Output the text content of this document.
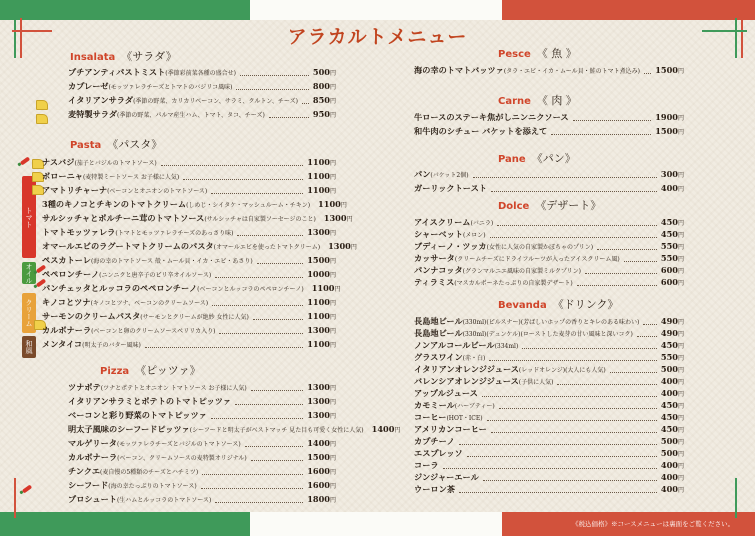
アラカルトメニュー
トマト
オイル
クリーム
和風
Insalata 《サラダ》
プチアンティパストミスト(季節彩前菜各種の盛合せ)	500円
カプレーゼ(モッツァレラチーズとトマトのバジリコ風味)	800円
イタリアンサラダ(季節の野菜、カリカリベーコン、サラミ、クルトン、チーズ) 850円
麦特製サラダ(季節の野菜、パルマ産生ハム、トマト、タコ、チーズ)	950円
Pasta 《パスタ》
ナスバジ(茄子とバジルのトマトソース)	1100円
ボローニャ(麦特製ミートソース お子様に人気)	1100円
アマトリチャーナ(ベーコンとオニオンのトマトソース)	1100円
3種のキノコとチキンのトマトクリーム(しめじ・シイタケ・マッシュルーム・チキン) 1100円
サルシッチャとポルチーニ茸のトマトソース(サルシッチャは自家製ソーセージのこと) 1300円
トマトモッツァレラ(トマトとモッツァレラチーズのあっさり味)	1300円
オマールエビのラグートマトクリームのパスタ(オマールエビを使ったトマトクリーム) 1300円
ペスカトーレ(海の幸のトマトソース 殻・ムール貝・イカ・エビ・あさり)	1500円
ペペロンチーノ(ニンニクと唐辛子のピリ辛オイルソース)	1000円
パンチェッタとルッコラのペペロンチーノ(ベーコンとルッコラのペペロンチーノ) 1100円
キノコとツナ(キノコとツナ、ベーコンのクリームソース)	1100円
サーモンのクリームパスタ(サーモンとクリームが絶妙 女性に人気)	1100円
カルボナーラ(ベーコンと卵のクリームソースペリリカ入り)	1300円
メンタイコ(明太子のバター風味)	1100円
Pizza 《ピッツァ》
ツナポテ(ツナとポテトとオニオン トマトソース お子様に人気)	1300円
イタリアンサラミとポテトのトマトピッツァ	1300円
ベーコンと彩り野菜のトマトピッツァ	1300円
明太子風味のシーフードピッツァ(シーフードと明太子がベストマッチ 見た目も可愛く女性に人気) 1400円
マルゲリータ(モッツァレラチーズとバジルのトマトソース)	1400円
カルボナーラ(ベーコン、クリームソースの麦特製オリジナル)	1500円
チンクエ(麦自慢の5種類のチーズとハチミツ)	1600円
シーフード(海の幸たっぷりのトマトソース)	1600円
プロシュート(生ハムとルッコラのトマトソース)	1800円
Pesce 《 魚 》
海の幸のトマトバッツァ(タラ・エビ・イカ・ムール貝・鮭のトマト煮込み) 1500円
Carne 《 肉 》
牛ロースのステーキ焦がしニンニクソース	1900円
和牛肉のシチュー バケットを添えて	1500円
Pane 《パン》
パン(バケット2個)	300円
ガーリックトースト	400円
Dolce 《デザート》
アイスクリーム(バニラ)	450円
シャーベット(メロン)	450円
ブディーノ・ツッカ(女性に人気の自家製かぼちゃのプリン)	550円
カッサータ(クリームチーズにドライフルーツが入ったアイスクリーム風)	550円
パンナコッタ(グランマルニエ風味の自家製ミルクプリン)	600円
ティラミス(マスカルポーネたっぷりの自家製デザート)	600円
Bevanda 《ドリンク》
長島地ビール(330ml)(ピルスナー)(芳ばしいホップの香りとキレのある味わい)	490円
長島地ビール(330ml)(デュンケル)(ローストした麦芽の甘い風味と深いコク)	490円
ノンアルコールビール(334ml)	450円
グラスワイン(赤・白)	550円
イタリアンオレンジジュース(レッドオレンジ)(大人にも人気)	500円
バレンシアオレンジジュース(子供に人気)	400円
アップルジュース	400円
カモミール(ハーブティー)	450円
コーヒー(HOT・ICE)	450円
アメリカンコーヒー	450円
カプチーノ	500円
エスプレッソ	500円
コーラ	400円
ジンジャーエール	400円
ウーロン茶	400円
《税込価格》※コースメニューは裏面をご覧ください。
